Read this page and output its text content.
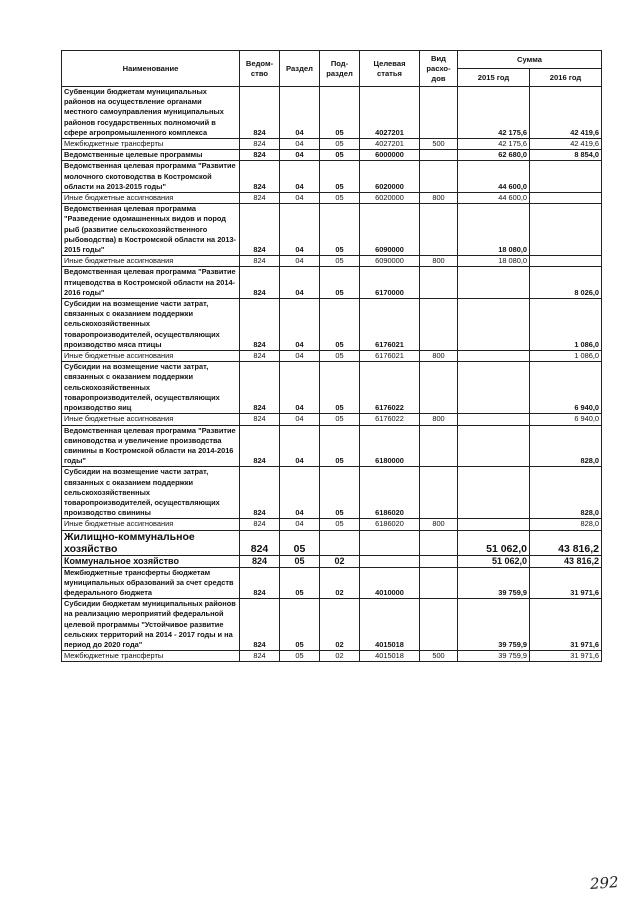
Наименование	Ведом-ство	Раздел	Под-раздел	Целевая статья	Вид расхо-дов	Сумма	
						2015 год	2016 год
Субвенции бюджетам муниципальных районов на осуществление органами местного самоуправления муниципальных районов государственных полномочий в сфере агропромышленного комплекса	824	04	05	4027201		42 175,6	42 419,6
Межбюджетные трансферты	824	04	05	4027201	500	42 175,6	42 419,6
Ведомственные целевые программы	824	04	05	6000000		62 680,0	8 854,0
Ведомственная целевая программа "Развитие молочного скотоводства в Костромской области на 2013-2015 годы"	824	04	05	6020000		44 600,0	
Иные бюджетные ассигнования	824	04	05	6020000	800	44 600,0	
Ведомственная целевая программа "Разведение одомашненных видов и пород рыб (развитие сельскохозяйственного рыбоводства) в Костромской области на 2013-2015 годы"	824	04	05	6090000		18 080,0	
Иные бюджетные ассигнования	824	04	05	6090000	800	18 080,0	
Ведомственная целевая программа "Развитие птицеводства в Костромской области на 2014-2016 годы"	824	04	05	6170000			8 026,0
Субсидии на возмещение части затрат, связанных с оказанием поддержки сельскохозяйственных товаропроизводителей, осуществляющих производство мяса птицы	824	04	05	6176021			1 086,0
Иные бюджетные ассигнования	824	04	05	6176021	800		1 086,0
Субсидии на возмещение части затрат, связанных с оказанием поддержки сельскохозяйственных товаропроизводителей, осуществляющих производство яиц	824	04	05	6176022			6 940,0
Иные бюджетные ассигнования	824	04	05	6176022	800		6 940,0
Ведомственная целевая программа "Развитие свиноводства и увеличение производства свинины в Костромской области на 2014-2016 годы"	824	04	05	6180000			828,0
Субсидии на возмещение части затрат, связанных с оказанием поддержки сельскохозяйственных товаропроизводителей, осуществляющих производство свинины	824	04	05	6186020			828,0
Иные бюджетные ассигнования	824	04	05	6186020	800		828,0
Жилищно-коммунальное хозяйство	824	05				51 062,0	43 816,2
Коммунальное хозяйство	824	05	02			51 062,0	43 816,2
Межбюджетные трансферты бюджетам муниципальных образований за счет средств федерального бюджета	824	05	02	4010000		39 759,9	31 971,6
Субсидии бюджетам муниципальных районов на реализацию мероприятий федеральной целевой программы "Устойчивое развитие сельских территорий на 2014 - 2017 годы и на период до 2020 года"	824	05	02	4015018		39 759,9	31 971,6
Межбюджетные трансферты	824	05	02	4015018	500	39 759,9	31 971,6
292
